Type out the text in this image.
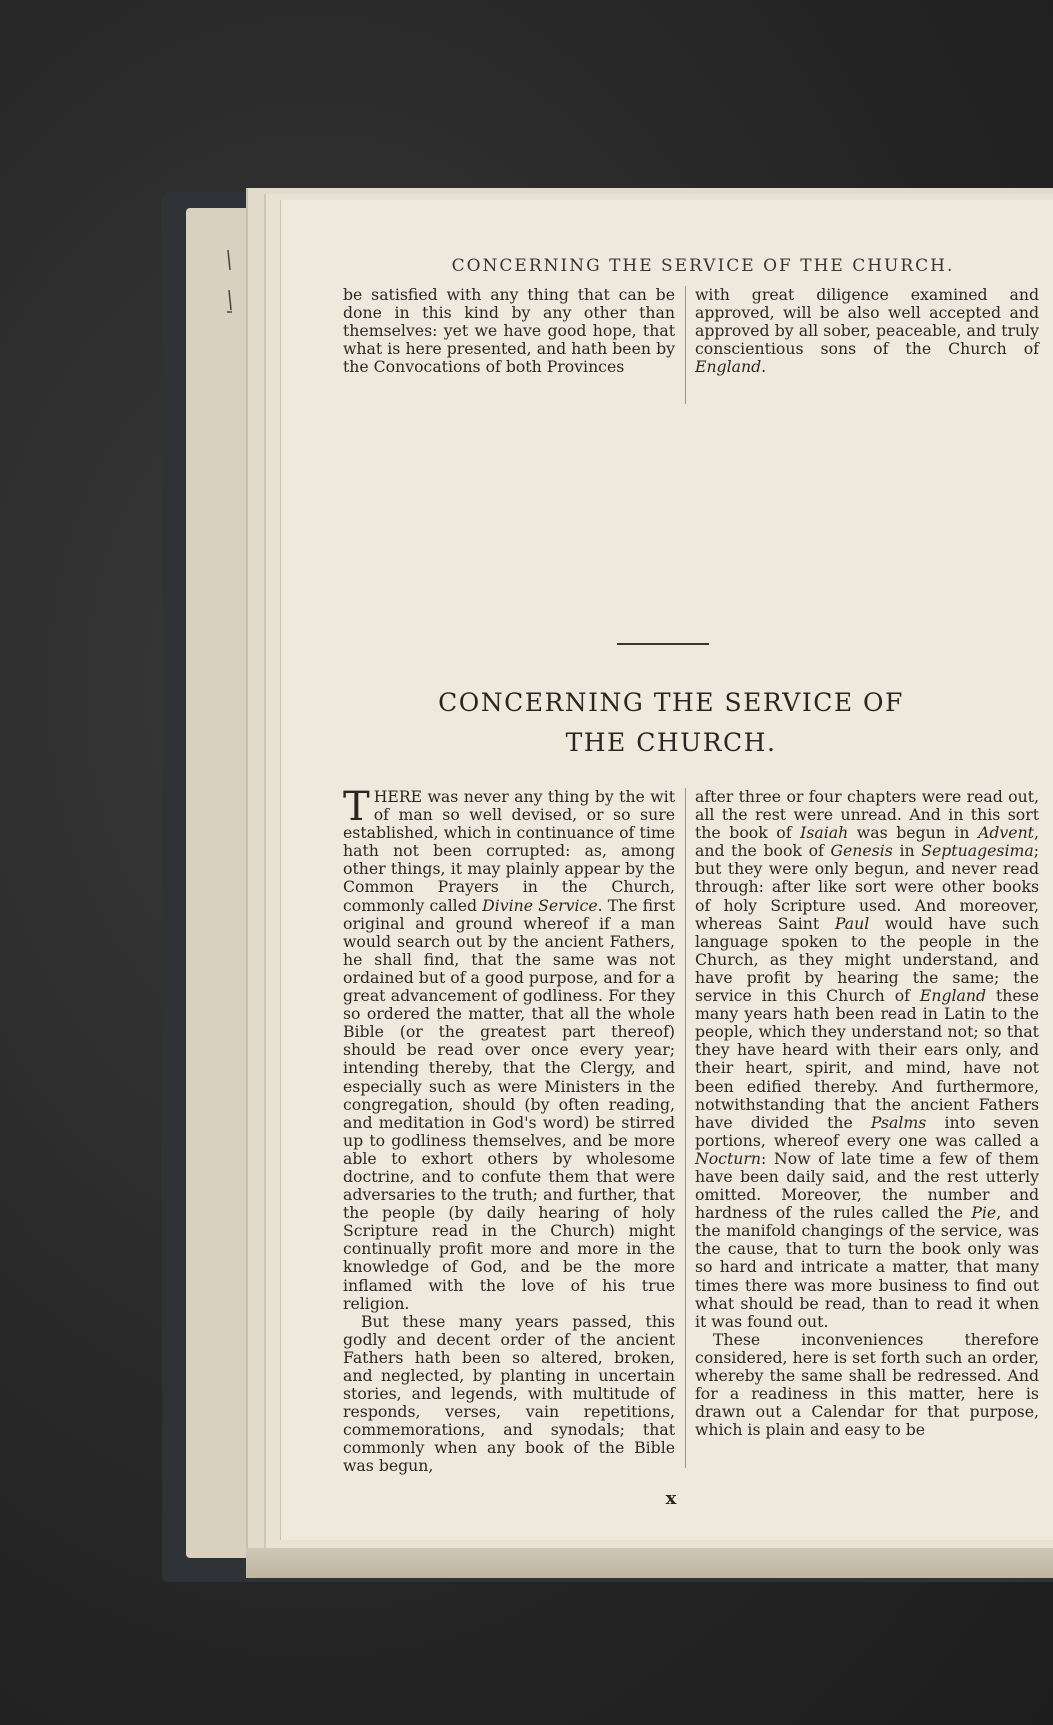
CONCERNING THE SERVICE OF THE CHURCH.

be satisfied with any thing that can be done in this kind by any other than themselves: yet we have good hope, that what is here presented, and hath been by the Convocations of both Provinces

with great diligence examined and approved, will be also well accepted and approved by all sober, peaceable, and truly conscientious sons of the Church of England.

CONCERNING THE SERVICE OF
THE CHURCH.

THERE was never any thing by the wit of man so well devised, or so sure established, which in continuance of time hath not been corrupted: as, among other things, it may plainly appear by the Common Prayers in the Church, commonly called Divine Service. The first original and ground whereof if a man would search out by the ancient Fathers, he shall find, that the same was not ordained but of a good purpose, and for a great advancement of godliness. For they so ordered the matter, that all the whole Bible (or the greatest part thereof) should be read over once every year; intending thereby, that the Clergy, and especially such as were Ministers in the congregation, should (by often reading, and meditation in God's word) be stirred up to godliness themselves, and be more able to exhort others by wholesome doctrine, and to confute them that were adversaries to the truth; and further, that the people (by daily hearing of holy Scripture read in the Church) might continually profit more and more in the knowledge of God, and be the more inflamed with the love of his true religion.

But these many years passed, this godly and decent order of the ancient Fathers hath been so altered, broken, and neglected, by planting in uncertain stories, and legends, with multitude of responds, verses, vain repetitions, commemorations, and synodals; that commonly when any book of the Bible was begun,

after three or four chapters were read out, all the rest were unread. And in this sort the book of Isaiah was begun in Advent, and the book of Genesis in Septuagesima; but they were only begun, and never read through: after like sort were other books of holy Scripture used. And moreover, whereas Saint Paul would have such language spoken to the people in the Church, as they might understand, and have profit by hearing the same; the service in this Church of England these many years hath been read in Latin to the people, which they understand not; so that they have heard with their ears only, and their heart, spirit, and mind, have not been edified thereby. And furthermore, notwithstanding that the ancient Fathers have divided the Psalms into seven portions, whereof every one was called a Nocturn: Now of late time a few of them have been daily said, and the rest utterly omitted. Moreover, the number and hardness of the rules called the Pie, and the manifold changings of the service, was the cause, that to turn the book only was so hard and intricate a matter, that many times there was more business to find out what should be read, than to read it when it was found out.

These inconveniences therefore considered, here is set forth such an order, whereby the same shall be redressed. And for a readiness in this matter, here is drawn out a Calendar for that purpose, which is plain and easy to be

x
